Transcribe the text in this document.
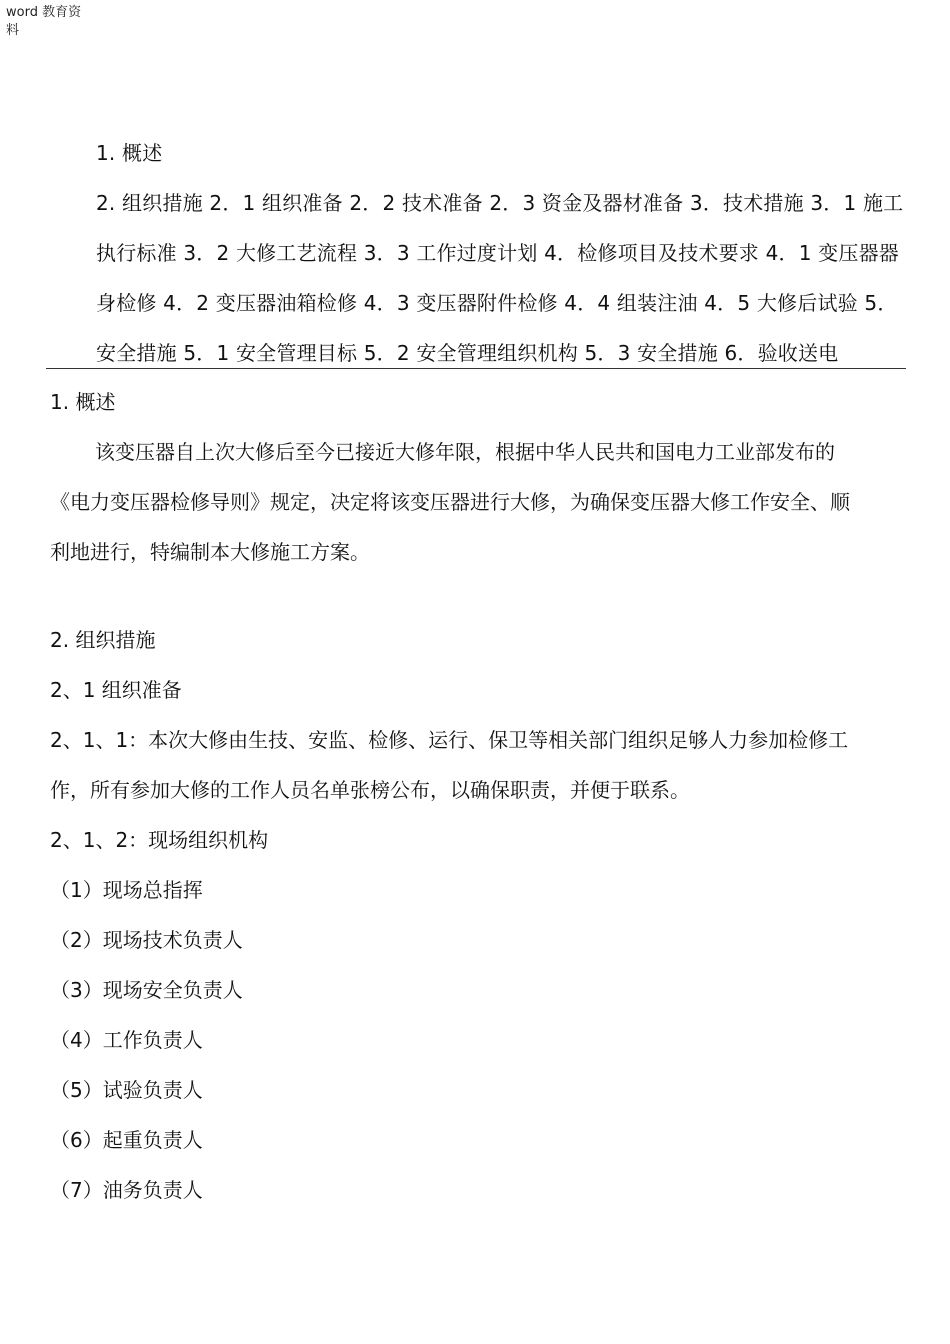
word 教育资
料
1. 概述
2. 组织措施 2．1 组织准备 2．2 技术准备 2．3 资金及器材准备 3．技术措施 3．1 施工
执行标准 3．2 大修工艺流程 3．3 工作过度计划 4．检修项目及技术要求 4．1 变压器器
身检修 4．2 变压器油箱检修 4．3 变压器附件检修 4．4 组装注油 4．5 大修后试验 5．
安全措施 5．1 安全管理目标 5．2 安全管理组织机构 5．3 安全措施 6．验收送电
1. 概述
该变压器自上次大修后至今已接近大修年限，根据中华人民共和国电力工业部发布的
《电力变压器检修导则》规定，决定将该变压器进行大修，为确保变压器大修工作安全、顺
利地进行，特编制本大修施工方案。
2. 组织措施
2、1 组织准备
2、1、1：本次大修由生技、安监、检修、运行、保卫等相关部门组织足够人力参加检修工
作，所有参加大修的工作人员名单张榜公布，以确保职责，并便于联系。
2、1、2：现场组织机构
（1）现场总指挥
（2）现场技术负责人
（3）现场安全负责人
（4）工作负责人
（5）试验负责人
（6）起重负责人
（7）油务负责人
